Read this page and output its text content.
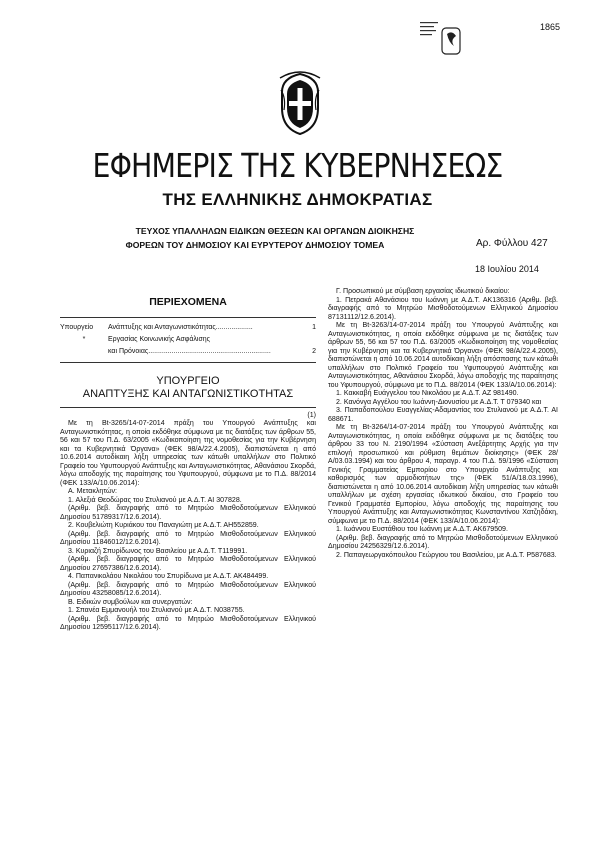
1865
ΕΦΗΜΕΡΙΣ ΤΗΣ ΚΥΒΕΡΝΗΣΕΩΣ
ΤΗΣ ΕΛΛΗΝΙΚΗΣ ΔΗΜΟΚΡΑΤΙΑΣ
ΤΕΥΧΟΣ ΥΠΑΛΛΗΛΩΝ ΕΙΔΙΚΩΝ ΘΕΣΕΩΝ ΚΑΙ ΟΡΓΑΝΩΝ ΔΙΟΙΚΗΣΗΣ
ΦΟΡΕΩΝ ΤΟΥ ΔΗΜΟΣΙΟΥ ΚΑΙ ΕΥΡΥΤΕΡΟΥ ΔΗΜΟΣΙΟΥ ΤΟΜΕΑ	Αρ. Φύλλου 427
18 Ιουλίου 2014
ΠΕΡΙΕΧΟΜΕΝΑ
Υπουργείο	Ανάπτυξης και Ανταγωνιστικότητας...................	1
*	Εργασίας Κοινωνικής Ασφάλισης
και Πρόνοιας...............................................................	2
ΥΠΟΥΡΓΕΙΟ
ΑΝΑΠΤΥΞΗΣ ΚΑΙ ΑΝΤΑΓΩΝΙΣΤΙΚΟΤΗΤΑΣ

(1)

Με τη Βt-3265/14-07-2014 πράξη του Υπουργού Ανάπτυξης και Ανταγωνιστικότητας, η οποία εκδόθηκε σύμφωνα με τις διατάξεις των άρθρων 55, 56 και 57 του Π.Δ. 63/2005 «Κωδικοποίηση της νομοθεσίας για την Κυβέρνηση και τα Κυβερνητικά Όργανα» (ΦΕΚ 98/Α/22.4.2005), διαπιστώνεται η από 10.6.2014 αυτοδίκαιη λήξη υπηρεσίας των κάτωθι υπαλλήλων στο Πολιτικό Γραφείο του Υφυπουργού Ανάπτυξης και Ανταγωνιστικότητας, Αθανάσιου Σκορδά, λόγω αποδοχής της παραίτησης του Υφυπουργού, σύμφωνα με το Π.Δ. 88/2014 (ΦΕΚ 133/Α/10.06.2014):

Α. Μετακλητών:

1. Αλεξιά Θεοδώρας του Στυλιανού με Α.Δ.Τ. ΑΙ 307828.

(Αριθμ. βεβ. διαγραφής από το Μητρώο Μισθοδοτούμενων Ελληνικού Δημοσίου 51789317/12.6.2014).

2. Κουβελιώτη Κυριάκου του Παναγιώτη με Α.Δ.Τ. ΑΗ552859.

(Αριθμ. βεβ. διαγραφής από το Μητρώο Μισθοδοτούμενων Ελληνικού Δημοσίου 11846012/12.6.2014).

3. Κυριαζή Σπυρίδωνος του Βασιλείου με Α.Δ.Τ. Τ119991.

(Αριθμ. βεβ. διαγραφής από το Μητρώο Μισθοδοτούμενων Ελληνικού Δημοσίου 27657386/12.6.2014).

4. Παπανικολάου Νικολάου του Σπυρίδωνα με Α.Δ.Τ. ΑΚ484499.

(Αριθμ. βεβ. διαγραφής από το Μητρώο Μισθοδοτούμενων Ελληνικού Δημοσίου 43258085/12.6.2014).

Β. Ειδικών συμβούλων και συνεργατών:

1. Σπανέα Εμμανουήλ του Στυλιανού με Α.Δ.Τ. Ν038755.

(Αριθμ. βεβ. διαγραφής από το Μητρώο Μισθοδοτούμενων Ελληνικού Δημοσίου 12595117/12.6.2014).

Γ. Προσωπικού με σύμβαση εργασίας ιδιωτικού δικαίου:

1. Πετρακά Αθανάσιου του Ιωάννη με Α.Δ.Τ. ΑΚ136316 (Αριθμ. βεβ. διαγραφής από το Μητρώο Μισθοδοτούμενων Ελληνικού Δημοσίου 87131112/12.6.2014).

Με τη Βt-3263/14-07-2014 πράξη του Υπουργού Ανάπτυξης και Ανταγωνιστικότητας, η οποία εκδόθηκε σύμφωνα με τις διατάξεις των άρθρων 55, 56 και 57 του Π.Δ. 63/2005 «Κωδικοποίηση της νομοθεσίας για την Κυβέρνηση και τα Κυβερνητικά Όργανα» (ΦΕΚ 98/Α/22.4.2005), διαπιστώνεται η από 10.06.2014 αυτοδίκαιη λήξη απόσπασης των κάτωθι υπαλλήλων στο Πολιτικό Γραφείο του Υφυπουργού Ανάπτυξης και Ανταγωνιστικότητας, Αθανάσιου Σκορδά, λόγω αποδοχής της παραίτησης του Υφυπουργού, σύμφωνα με το Π.Δ. 88/2014 (ΦΕΚ 133/Α/10.06.2014):

1. Κακκαβή Ευάγγελου του Νικολάου με Α.Δ.Τ. ΑΖ 981490.

2. Κανόνγα Αγγέλου του Ιωάννη-Διονυσίου με Α.Δ.Τ. Τ 079340 και

3. Παπαδοπούλου Ευαγγελίας-Αδαμαντίας του Στυλιανού με Α.Δ.Τ. ΑΙ 688671.

Με τη Βt-3264/14-07-2014 πράξη του Υπουργού Ανάπτυξης και Ανταγωνιστικότητας, η οποία εκδόθηκε σύμφωνα με τις διατάξεις του άρθρου 33 του Ν. 2190/1994 «Σύσταση Ανεξάρτητης Αρχής για την επιλογή προσωπικού και ρύθμιση θεμάτων διοίκησης» (ΦΕΚ 28/Α/03.03.1994) και του άρθρου 4, παραγρ. 4 του Π.Δ. 59/1996 «Σύσταση Γενικής Γραμματείας Εμπορίου στο Υπουργείο Ανάπτυξης και καθορισμός των αρμοδιοτήτων της» (ΦΕΚ 51/Α/18.03.1996), διαπιστώνεται η από 10.06.2014 αυτοδίκαιη λήξη υπηρεσίας των κάτωθι υπαλλήλων με σχέση εργασίας ιδιωτικού δικαίου, στο Γραφείο του Γενικού Γραμματέα Εμπορίου, λόγω αποδοχής της παραίτησης του Υπουργού Ανάπτυξης και Ανταγωνιστικότητας Κωνσταντίνου Χατζηδάκη, σύμφωνα με το Π.Δ. 88/2014 (ΦΕΚ 133/Α/10.06.2014):

1. Ιωάννου Ευστάθιου του Ιωάννη με Α.Δ.Τ. ΑΚ679509.

(Αριθμ. βεβ. διαγραφής από το Μητρώο Μισθοδοτούμενων Ελληνικού Δημοσίου 24256329/12.6.2014).

2. Παπαγεωργακόπουλου Γεώργιου του Βασιλείου, με Α.Δ.Τ. Ρ587683.
